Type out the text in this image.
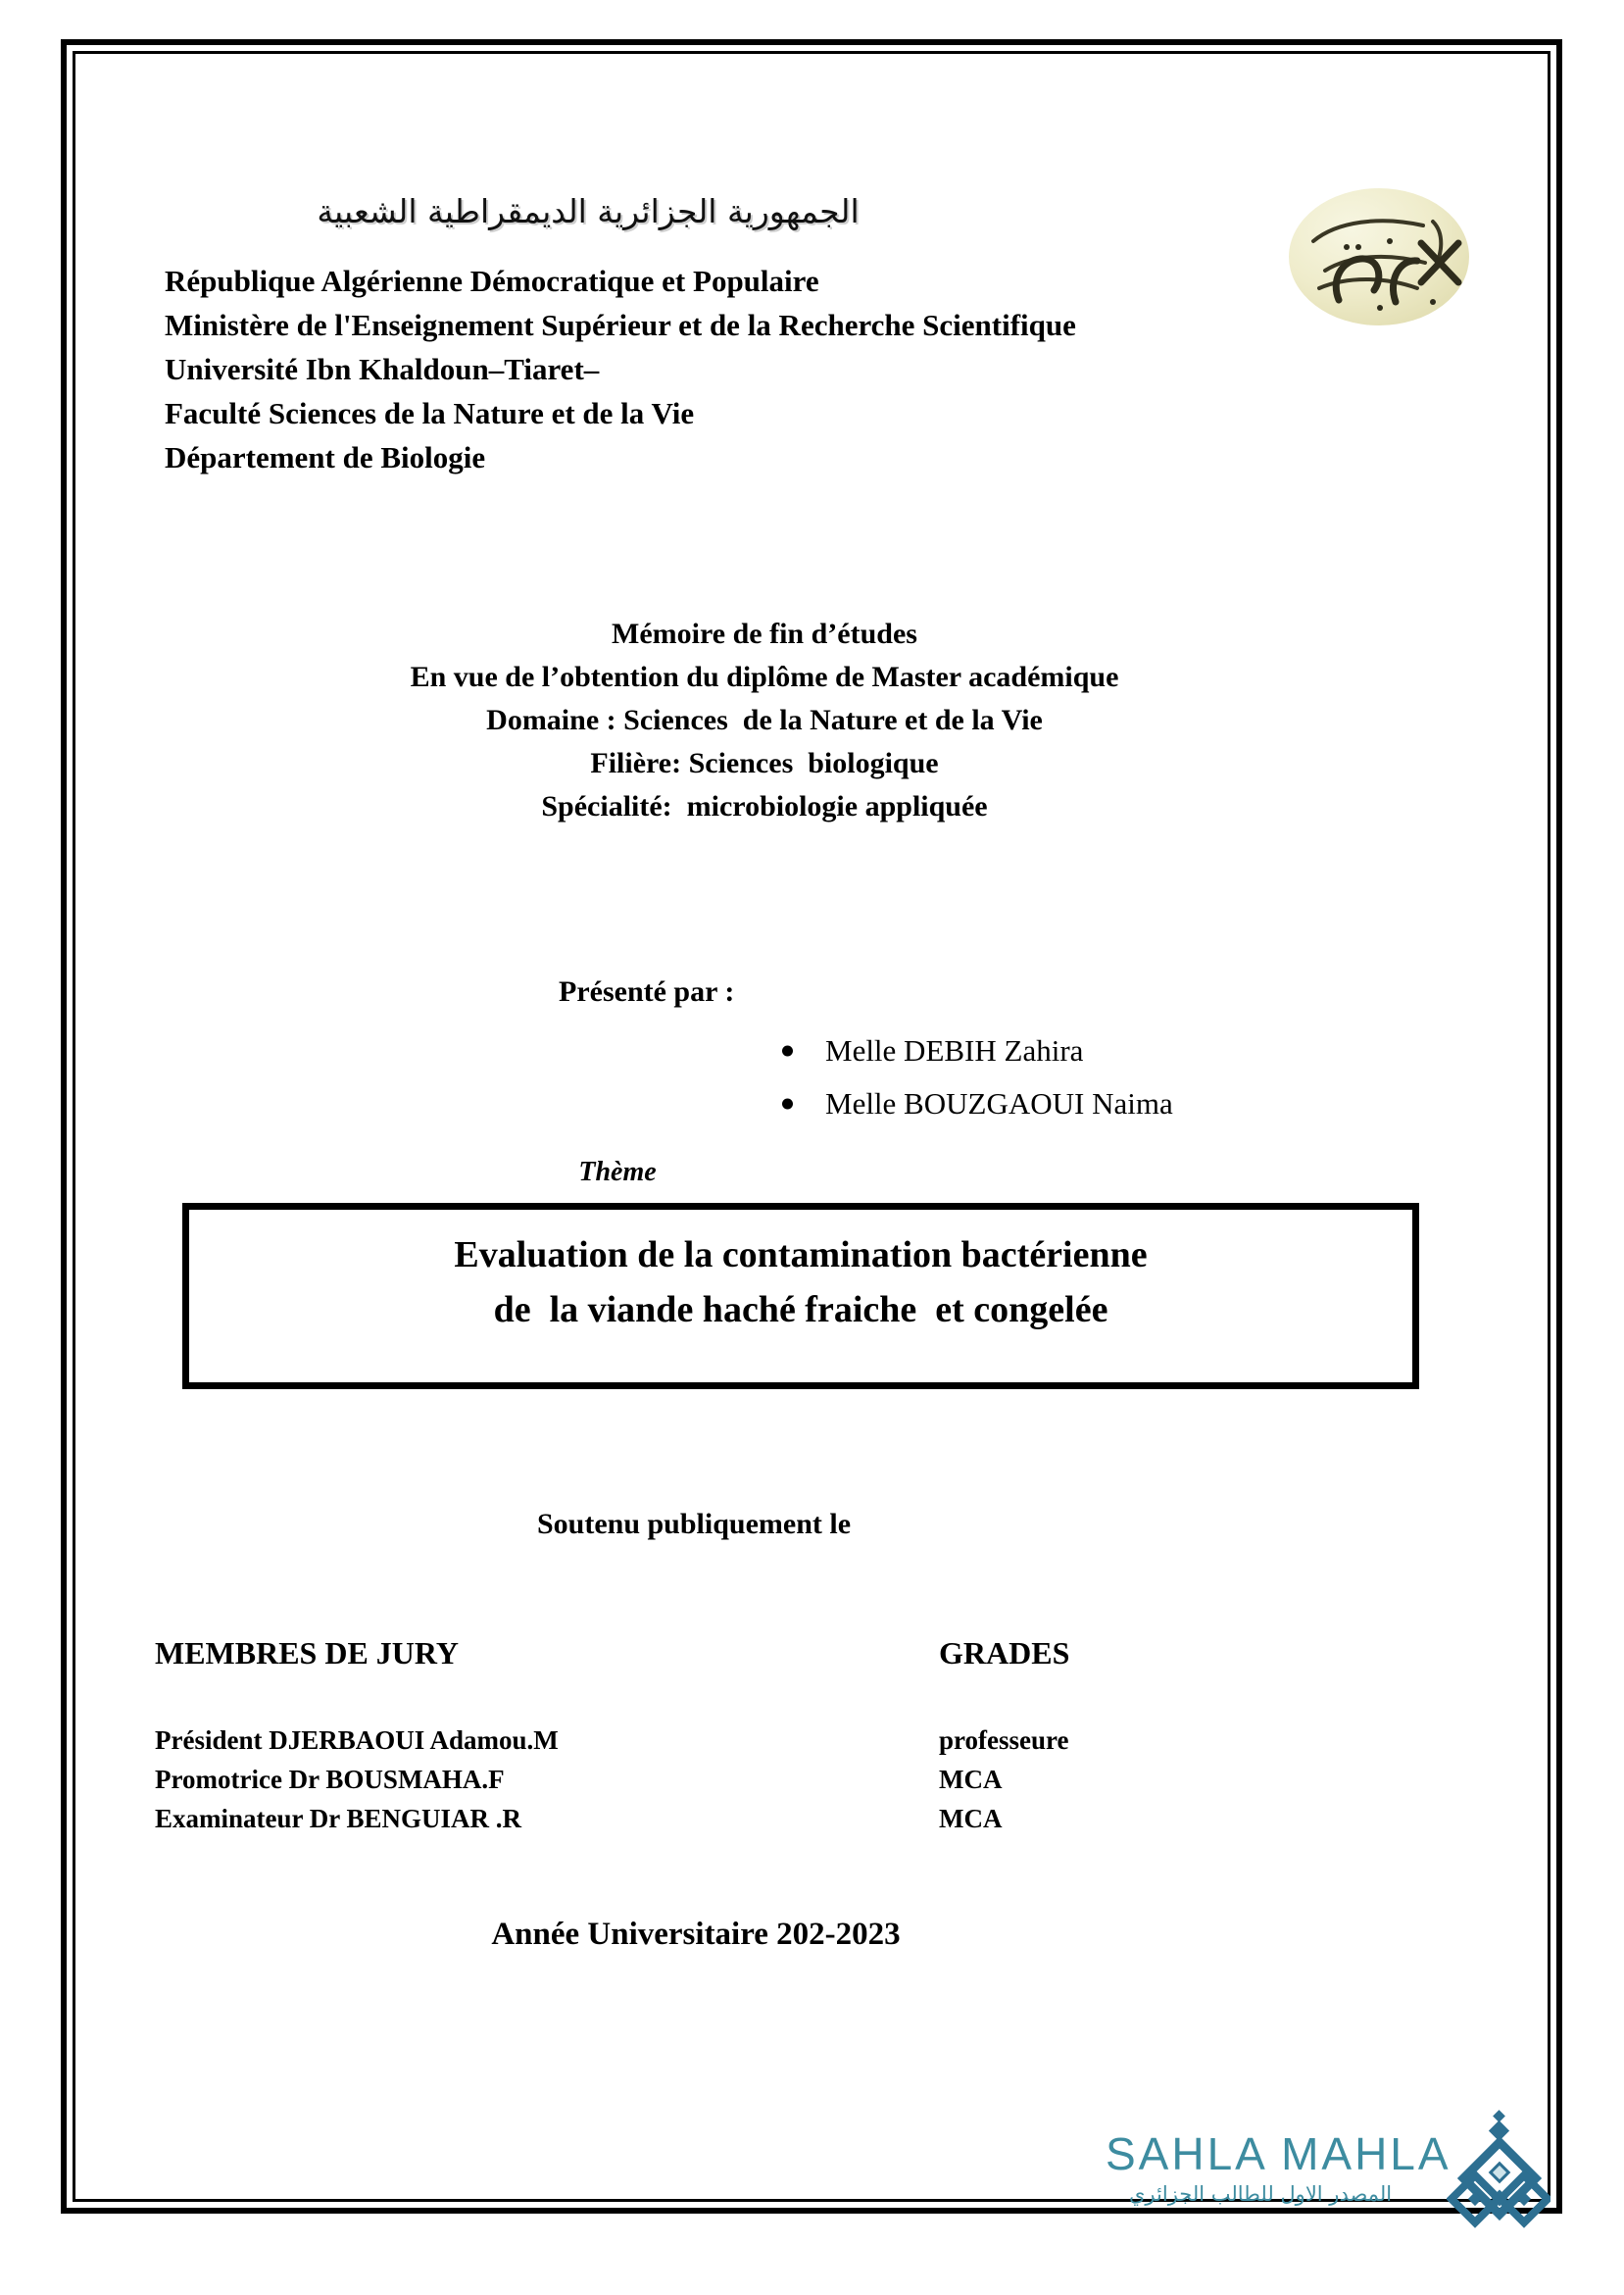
الجمهورية الجزائرية الديمقراطية الشعبية
République Algérienne Démocratique et Populaire
Ministère de l'Enseignement Supérieur et de la Recherche Scientifique
Université Ibn Khaldoun–Tiaret–
Faculté Sciences de la Nature et de la Vie
Département de Biologie
Mémoire de fin d’études
En vue de l’obtention du diplôme de Master académique
Domaine : Sciences  de la Nature et de la Vie
Filière: Sciences  biologique
Spécialité:  microbiologie appliquée
Présenté par :
Melle DEBIH Zahira
Melle BOUZGAOUI Naima
Thème
Evaluation de la contamination bactérienne
de  la viande haché fraiche  et congelée
Soutenu publiquement le
MEMBRES DE JURY	GRADES
Président DJERBAOUI Adamou.M	professeure
Promotrice Dr BOUSMAHA.F	MCA
Examinateur Dr BENGUIAR .R	MCA
Année Universitaire 202-2023
SAHLA MAHLA
المصدر الاول للطالب الجزائري
